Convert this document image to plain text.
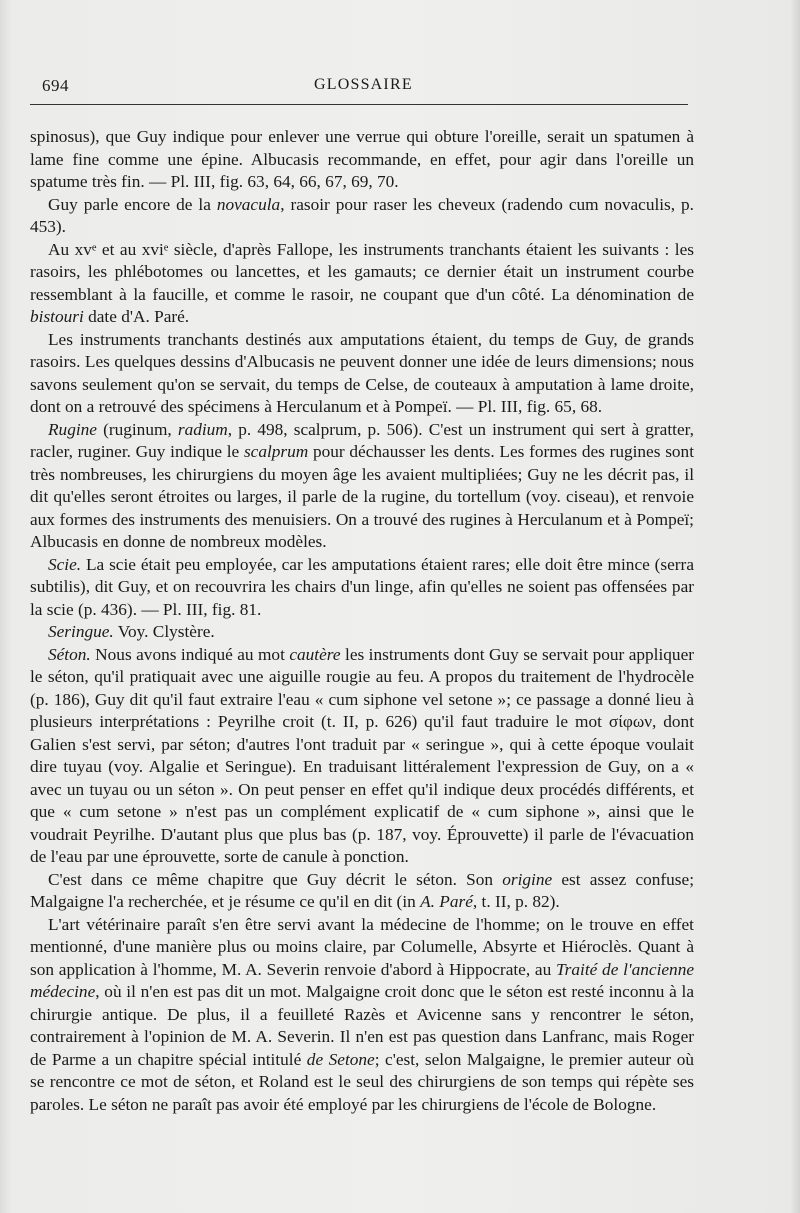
694	GLOSSAIRE

spinosus), que Guy indique pour enlever une verrue qui obture l'oreille, serait un spatumen à lame fine comme une épine. Albucasis recommande, en effet, pour agir dans l'oreille un spatume très fin. — Pl. III, fig. 63, 64, 66, 67, 69, 70.

Guy parle encore de la novacula, rasoir pour raser les cheveux (radendo cum novaculis, p. 453).

Au xvᵉ et au xviᵉ siècle, d'après Fallope, les instruments tranchants étaient les suivants : les rasoirs, les phlébotomes ou lancettes, et les gamauts; ce dernier était un instrument courbe ressemblant à la faucille, et comme le rasoir, ne coupant que d'un côté. La dénomination de bistouri date d'A. Paré.

Les instruments tranchants destinés aux amputations étaient, du temps de Guy, de grands rasoirs. Les quelques dessins d'Albucasis ne peuvent donner une idée de leurs dimensions; nous savons seulement qu'on se servait, du temps de Celse, de couteaux à amputation à lame droite, dont on a retrouvé des spécimens à Herculanum et à Pompeï. — Pl. III, fig. 65, 68.

Rugine (ruginum, radium, p. 498, scalprum, p. 506). C'est un instrument qui sert à gratter, racler, ruginer. Guy indique le scalprum pour déchausser les dents. Les formes des rugines sont très nombreuses, les chirurgiens du moyen âge les avaient multipliées; Guy ne les décrit pas, il dit qu'elles seront étroites ou larges, il parle de la rugine, du tortellum (voy. ciseau), et renvoie aux formes des instruments des menuisiers. On a trouvé des rugines à Herculanum et à Pompeï; Albucasis en donne de nombreux modèles.

Scie. La scie était peu employée, car les amputations étaient rares; elle doit être mince (serra subtilis), dit Guy, et on recouvrira les chairs d'un linge, afin qu'elles ne soient pas offensées par la scie (p. 436). — Pl. III, fig. 81.

Seringue. Voy. Clystère.

Séton. Nous avons indiqué au mot cautère les instruments dont Guy se servait pour appliquer le séton, qu'il pratiquait avec une aiguille rougie au feu. A propos du traitement de l'hydrocèle (p. 186), Guy dit qu'il faut extraire l'eau « cum siphone vel setone »; ce passage a donné lieu à plusieurs interprétations : Peyrilhe croit (t. II, p. 626) qu'il faut traduire le mot σίφων, dont Galien s'est servi, par séton; d'autres l'ont traduit par « seringue », qui à cette époque voulait dire tuyau (voy. Algalie et Seringue). En traduisant littéralement l'expression de Guy, on a « avec un tuyau ou un séton ». On peut penser en effet qu'il indique deux procédés différents, et que « cum setone » n'est pas un complément explicatif de « cum siphone », ainsi que le voudrait Peyrilhe. D'autant plus que plus bas (p. 187, voy. Éprouvette) il parle de l'évacuation de l'eau par une éprouvette, sorte de canule à ponction.

C'est dans ce même chapitre que Guy décrit le séton. Son origine est assez confuse; Malgaigne l'a recherchée, et je résume ce qu'il en dit (in A. Paré, t. II, p. 82).

L'art vétérinaire paraît s'en être servi avant la médecine de l'homme; on le trouve en effet mentionné, d'une manière plus ou moins claire, par Columelle, Absyrte et Hiéroclès. Quant à son application à l'homme, M. A. Severin renvoie d'abord à Hippocrate, au Traité de l'ancienne médecine, où il n'en est pas dit un mot. Malgaigne croit donc que le séton est resté inconnu à la chirurgie antique. De plus, il a feuilleté Razès et Avicenne sans y rencontrer le séton, contrairement à l'opinion de M. A. Severin. Il n'en est pas question dans Lanfranc, mais Roger de Parme a un chapitre spécial intitulé de Setone; c'est, selon Malgaigne, le premier auteur où se rencontre ce mot de séton, et Roland est le seul des chirurgiens de son temps qui répète ses paroles. Le séton ne paraît pas avoir été employé par les chirurgiens de l'école de Bologne.
